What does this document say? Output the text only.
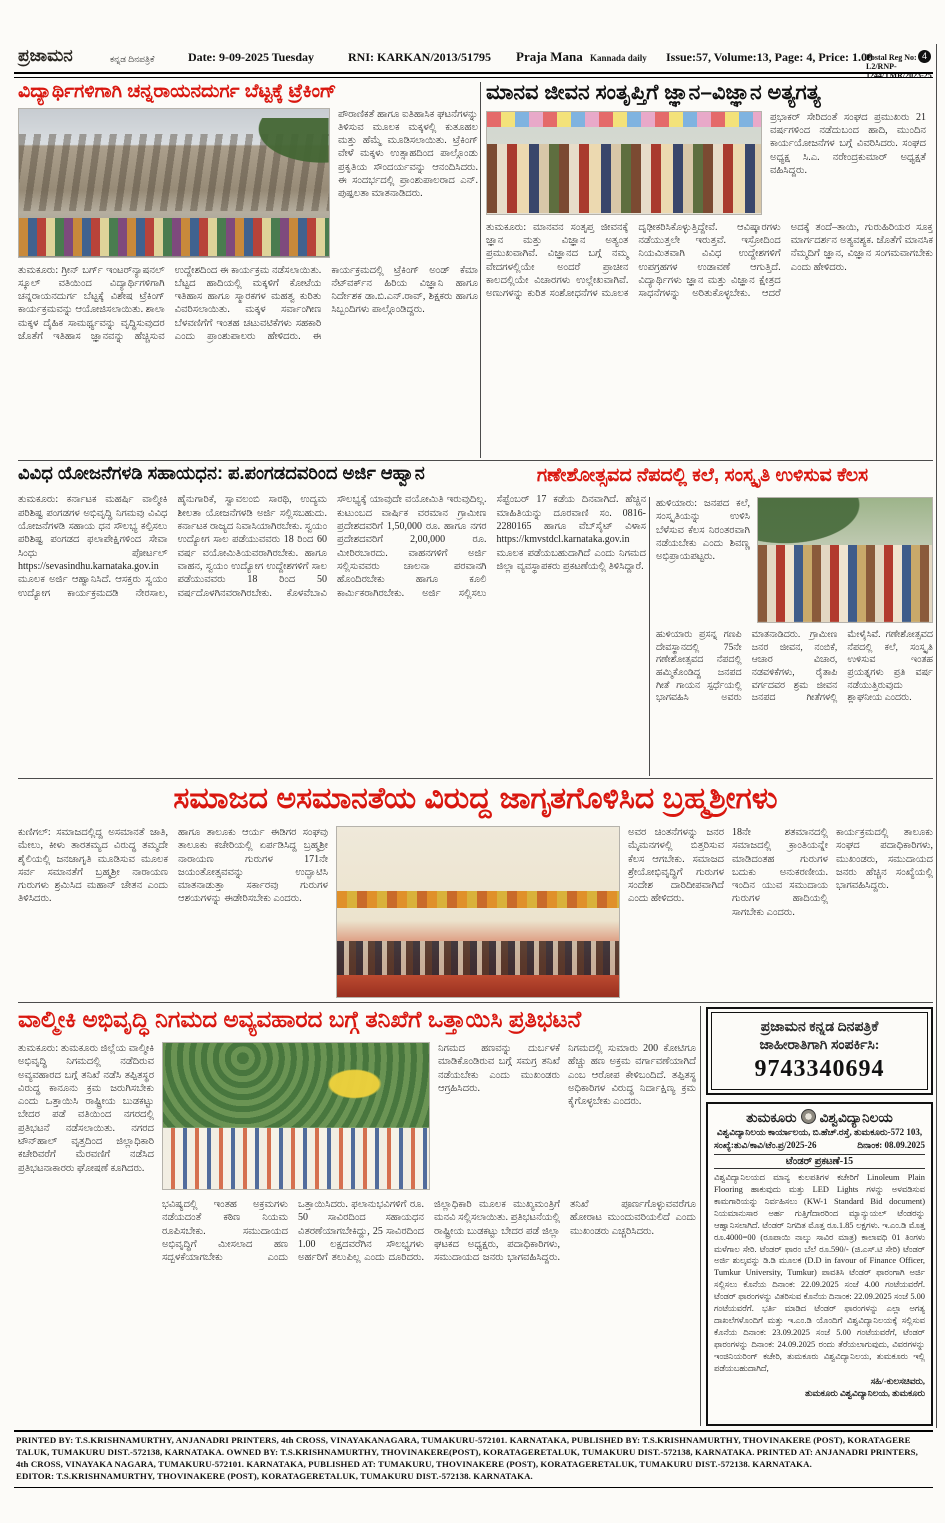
ಪ್ರಜಾಮನ	ಕನ್ನಡ ದಿನಪತ್ರಿಕೆ	Date: 9-09-2025 Tuesday	RNI: KARKAN/2013/51795 Praja Mana Kannada daily Issue:57, Volume:13, Page: 4, Price: 1.00
Postal Reg No: L2/RNP-1244/TMR/2023-25
4
ವಿದ್ಯಾರ್ಥಿಗಳಿಗಾಗಿ ಚನ್ನರಾಯನದುರ್ಗ ಬೆಟ್ಟಕ್ಕೆ ಟ್ರೆಕಿಂಗ್
ಪೌರಾಣಿಕತೆ ಹಾಗೂ ಐತಿಹಾಸಿಕ ಘಟನೆಗಳನ್ನು ತಿಳಿಸುವ ಮೂಲಕ ಮಕ್ಕಳಲ್ಲಿ ಕುತೂಹಲ ಮತ್ತು ಹೆಮ್ಮೆ ಮೂಡಿಸಲಾಯಿತು. ಟ್ರೆಕಿಂಗ್ ವೇಳೆ ಮಕ್ಕಳು ಉತ್ಸಾಹದಿಂದ ಪಾಲ್ಗೊಂಡು ಪ್ರಕೃತಿಯ ಸೌಂದರ್ಯವನ್ನು ಆನಂದಿಸಿದರು. ಈ ಸಂದರ್ಭದಲ್ಲಿ ಪ್ರಾಂಶುಪಾಲರಾದ ಎನ್. ಪುಷ್ಪಲತಾ ಮಾತನಾಡಿದರು.
ತುಮಕೂರು: ಗ್ರೀನ್ ಬರ್ಗ್ ಇಂಟರ್‌ನ್ಯಾಷನಲ್ ಸ್ಕೂಲ್ ವತಿಯಿಂದ ವಿದ್ಯಾರ್ಥಿಗಳಿಗಾಗಿ ಚನ್ನರಾಯನದುರ್ಗ ಬೆಟ್ಟಕ್ಕೆ ವಿಶೇಷ ಟ್ರೆಕಿಂಗ್ ಕಾರ್ಯಕ್ರಮವನ್ನು ಆಯೋಜಿಸಲಾಯಿತು. ಶಾಲಾ ಮಕ್ಕಳ ದೈಹಿಕ ಸಾಮರ್ಥ್ಯವನ್ನು ವೃದ್ಧಿಸುವುದರ ಜೊತೆಗೆ ಇತಿಹಾಸ ಜ್ಞಾನವನ್ನು ಹೆಚ್ಚಿಸುವ ಉದ್ದೇಶದಿಂದ ಈ ಕಾರ್ಯಕ್ರಮ ನಡೆಸಲಾಯಿತು. ಬೆಟ್ಟದ ಹಾದಿಯಲ್ಲಿ ಮಕ್ಕಳಿಗೆ ಕೋಟೆಯ ಇತಿಹಾಸ ಹಾಗೂ ಸ್ಮಾರಕಗಳ ಮಹತ್ವ ಕುರಿತು ವಿವರಿಸಲಾಯಿತು. ಮಕ್ಕಳ ಸರ್ವಾಂಗೀಣ ಬೆಳವಣಿಗೆಗೆ ಇಂತಹ ಚಟುವಟಿಕೆಗಳು ಸಹಕಾರಿ ಎಂದು ಪ್ರಾಂಶುಪಾಲರು ಹೇಳಿದರು. ಈ ಕಾರ್ಯಕ್ರಮದಲ್ಲಿ ಟ್ರೆಕಿಂಗ್ ಅಂಡ್ ಕೆಮಾ ನೆಟ್‌ವರ್ಕ್‌ನ ಹಿರಿಯ ವಿಜ್ಞಾನಿ ಹಾಗೂ ನಿರ್ದೇಶಕ ಡಾ.ಬಿ.ಎನ್.ರಾವ್, ಶಿಕ್ಷಕರು ಹಾಗೂ ಸಿಬ್ಬಂದಿಗಳು ಪಾಲ್ಗೊಂಡಿದ್ದರು.
ಮಾನವ ಜೀವನ ಸಂತೃಪ್ತಿಗೆ ಜ್ಞಾನ–ವಿಜ್ಞಾನ ಅತ್ಯಗತ್ಯ
ಪ್ರಭಾಕರ್ ಸೇರಿದಂತೆ ಸಂಘದ ಪ್ರಮುಖರು 21 ವರ್ಷಗಳಿಂದ ನಡೆದುಬಂದ ಹಾದಿ, ಮುಂದಿನ ಕಾರ್ಯಯೋಜನೆಗಳ ಬಗ್ಗೆ ವಿವರಿಸಿದರು. ಸಂಘದ ಅಧ್ಯಕ್ಷ ಸಿ.ಎ. ನರೇಂದ್ರಕುಮಾರ್ ಅಧ್ಯಕ್ಷತೆ ವಹಿಸಿದ್ದರು.
ತುಮಕೂರು: ಮಾನವನ ಸಂತೃಪ್ತ ಜೀವನಕ್ಕೆ ಜ್ಞಾನ ಮತ್ತು ವಿಜ್ಞಾನ ಅತ್ಯಂತ ಪ್ರಮುಖವಾಗಿವೆ. ವಿಜ್ಞಾನದ ಬಗ್ಗೆ ನಮ್ಮ ವೇದಗಳಲ್ಲಿಯೇ ಅಂದರೆ ಪ್ರಾಚೀನ ಕಾಲದಲ್ಲಿಯೇ ವಿಚಾರಗಳು ಉಲ್ಲೇಖವಾಗಿವೆ. ಅಣುಗಳನ್ನು ಕುರಿತ ಸಂಶೋಧನೆಗಳ ಮೂಲಕ ದೃಢೀಕರಿಸಿಕೊಳ್ಳುತ್ತಿದ್ದೇವೆ. ಆವಿಷ್ಕಾರಗಳು ನಡೆಯುತ್ತಲೇ ಇರುತ್ತವೆ. ಇಸ್ರೋದಿಂದ ನಿಯಮಿತವಾಗಿ ವಿವಿಧ ಉದ್ದೇಶಗಳಿಗೆ ಉಪಗ್ರಹಗಳ ಉಡಾವಣೆ ಆಗುತ್ತಿದೆ. ವಿದ್ಯಾರ್ಥಿಗಳು ಜ್ಞಾನ ಮತ್ತು ವಿಜ್ಞಾನ ಕ್ಷೇತ್ರದ ಸಾಧನೆಗಳನ್ನು ಅರಿತುಕೊಳ್ಳಬೇಕು. ಆದರೆ ಅದಕ್ಕೆ ತಂದೆ–ತಾಯಿ, ಗುರುಹಿರಿಯರ ಸೂಕ್ತ ಮಾರ್ಗದರ್ಶನ ಅತ್ಯವಶ್ಯಕ. ಜೊತೆಗೆ ಮಾನಸಿಕ ನೆಮ್ಮದಿಗೆ ಜ್ಞಾನ, ವಿಜ್ಞಾನ ಸಂಗಮವಾಗಬೇಕು ಎಂದು ಹೇಳಿದರು.
ವಿವಿಧ ಯೋಜನೆಗಳಡಿ ಸಹಾಯಧನ: ಪ.ಪಂಗಡದವರಿಂದ ಅರ್ಜಿ ಆಹ್ವಾನ
ತುಮಕೂರು: ಕರ್ನಾಟಕ ಮಹರ್ಷಿ ವಾಲ್ಮೀಕಿ ಪರಿಶಿಷ್ಟ ಪಂಗಡಗಳ ಅಭಿವೃದ್ಧಿ ನಿಗಮವು ವಿವಿಧ ಯೋಜನೆಗಳಡಿ ಸಹಾಯ ಧನ ಸೌಲಭ್ಯ ಕಲ್ಪಿಸಲು ಪರಿಶಿಷ್ಟ ಪಂಗಡದ ಫಲಾಪೇಕ್ಷಿಗಳಿಂದ ಸೇವಾ ಸಿಂಧು ಪೋರ್ಟಲ್ https://sevasindhu.karnataka.gov.in ಮೂಲಕ ಅರ್ಜಿ ಆಹ್ವಾನಿಸಿದೆ. ಆಸಕ್ತರು ಸ್ವಯಂ ಉದ್ಯೋಗ ಕಾರ್ಯಕ್ರಮದಡಿ ನೇರಸಾಲ, ಹೈನುಗಾರಿಕೆ, ಸ್ವಾವಲಂಬಿ ಸಾರಥಿ, ಉದ್ಯಮ ಶೀಲತಾ ಯೋಜನೆಗಳಡಿ ಅರ್ಜಿ ಸಲ್ಲಿಸಬಹುದು. ಕರ್ನಾಟಕ ರಾಜ್ಯದ ನಿವಾಸಿಯಾಗಿರಬೇಕು. ಸ್ವಯಂ ಉದ್ಯೋಗ ಸಾಲ ಪಡೆಯುವವರು 18 ರಿಂದ 60 ವರ್ಷ ವಯೋಮಿತಿಯವರಾಗಿರಬೇಕು. ಹಾಗೂ ವಾಹನ, ಸ್ವಯಂ ಉದ್ಯೋಗ ಉದ್ದೇಶಗಳಿಗೆ ಸಾಲ ಪಡೆಯುವವರು 18 ರಿಂದ 50 ವರ್ಷದೊಳಗಿನವರಾಗಿರಬೇಕು. ಕೊಳವೆಬಾವಿ ಸೌಲಭ್ಯಕ್ಕೆ ಯಾವುದೇ ವಯೋಮಿತಿ ಇರುವುದಿಲ್ಲ. ಕುಟುಂಬದ ವಾರ್ಷಿಕ ವರಮಾನ ಗ್ರಾಮೀಣ ಪ್ರದೇಶದವರಿಗೆ 1,50,000 ರೂ. ಹಾಗೂ ನಗರ ಪ್ರದೇಶದವರಿಗೆ 2,00,000 ರೂ. ಮೀರಿರಬಾರದು. ವಾಹನಗಳಿಗೆ ಅರ್ಜಿ ಸಲ್ಲಿಸುವವರು ಚಾಲನಾ ಪರವಾನಗಿ ಹೊಂದಿರಬೇಕು ಹಾಗೂ ಕೂಲಿ ಕಾರ್ಮಿಕರಾಗಿರಬೇಕು. ಅರ್ಜಿ ಸಲ್ಲಿಸಲು ಸೆಪ್ಟೆಂಬರ್ 17 ಕಡೆಯ ದಿನವಾಗಿದೆ. ಹೆಚ್ಚಿನ ಮಾಹಿತಿಯನ್ನು ದೂರವಾಣಿ ಸಂ. 0816-2280165 ಹಾಗೂ ವೆಬ್‌ಸೈಟ್ ವಿಳಾಸ https://kmvstdcl.karnataka.gov.in ಮೂಲಕ ಪಡೆಯಬಹುದಾಗಿದೆ ಎಂದು ನಿಗಮದ ಜಿಲ್ಲಾ ವ್ಯವಸ್ಥಾಪಕರು ಪ್ರಕಟಣೆಯಲ್ಲಿ ತಿಳಿಸಿದ್ದಾರೆ.
ಗಣೇಶೋತ್ಸವದ ನೆಪದಲ್ಲಿ ಕಲೆ, ಸಂಸ್ಕೃತಿ ಉಳಿಸುವ ಕೆಲಸ
ಹುಳಿಯಾರು: ಜನಪದ ಕಲೆ, ಸಂಸ್ಕೃತಿಯನ್ನು ಉಳಿಸಿ ಬೆಳೆಸುವ ಕೆಲಸ ನಿರಂತರವಾಗಿ ನಡೆಯಬೇಕು ಎಂದು ಶಿವಣ್ಣ ಅಭಿಪ್ರಾಯಪಟ್ಟರು.
ಹುಳಿಯಾರು ಪ್ರಸನ್ನ ಗಣಪಿ ದೇವಸ್ಥಾನದಲ್ಲಿ 75ನೇ ಗಣೇಶೋತ್ಸವದ ನೆಪದಲ್ಲಿ ಹಮ್ಮಿಕೊಂಡಿದ್ದ ಜನಪದ ಗೀತೆ ಗಾಯನ ಸ್ಪರ್ಧೆಯಲ್ಲಿ ಭಾಗವಹಿಸಿ ಅವರು ಮಾತನಾಡಿದರು. ಗ್ರಾಮೀಣ ಜನರ ಜೀವನ, ನಂಬಿಕೆ, ಆಚಾರ ವಿಚಾರ, ನಡವಳಿಕೆಗಳು, ರೈತಾಪಿ ವರ್ಗದವರ ಶ್ರಮ ಜೀವನ ಜನಪದ ಗೀತೆಗಳಲ್ಲಿ ಮೇಳೈಸಿವೆ. ಗಣೇಶೋತ್ಸವದ ನೆಪದಲ್ಲಿ ಕಲೆ, ಸಂಸ್ಕೃತಿ ಉಳಿಸುವ ಇಂತಹ ಪ್ರಯತ್ನಗಳು ಪ್ರತಿ ವರ್ಷ ನಡೆಯುತ್ತಿರುವುದು ಶ್ಲಾಘನೀಯ ಎಂದರು.
ಸಮಾಜದ ಅಸಮಾನತೆಯ ವಿರುದ್ದ ಜಾಗೃತಗೊಳಿಸಿದ ಬ್ರಹ್ಮಶ್ರೀಗಳು
ಕುಣಿಗಲ್: ಸಮಾಜದಲ್ಲಿದ್ದ ಅಸಮಾನತೆ ಜಾತಿ, ಮೇಲು, ಕೀಳು ತಾರತಮ್ಯದ ವಿರುದ್ಧ ತಮ್ಮದೇ ಶೈಲಿಯಲ್ಲಿ ಜನಜಾಗೃತಿ ಮೂಡಿಸುವ ಮೂಲಕ ಸರ್ವ ಸಮಾನತೆಗೆ ಬ್ರಹ್ಮಶ್ರೀ ನಾರಾಯಣ ಗುರುಗಳು ಶ್ರಮಿಸಿದ ಮಹಾನ್ ಚೇತನ ಎಂದು ತಿಳಿಸಿದರು.
ಹಾಗೂ ತಾಲೂಕು ಆರ್ಯ ಈಡಿಗರ ಸಂಘವು ತಾಲೂಕು ಕಚೇರಿಯಲ್ಲಿ ಏರ್ಪಡಿಸಿದ್ದ ಬ್ರಹ್ಮಶ್ರೀ ನಾರಾಯಣ ಗುರುಗಳ 171ನೇ ಜಯಂತೋತ್ಸವವನ್ನು ಉದ್ಘಾಟಿಸಿ ಮಾತನಾಡುತ್ತಾ ಸರ್ಕಾರವು ಗುರುಗಳ ಆಶಯಗಳನ್ನು ಈಡೇರಿಸಬೇಕು ಎಂದರು.
ಅವರ ಚಿಂತನೆಗಳನ್ನು ಜನರ ಮೈಮನಗಳಲ್ಲಿ ಬಿತ್ತರಿಸುವ ಕೆಲಸ ಆಗಬೇಕು. ಸಮಾಜದ ಶ್ರೇಯೋಭಿವೃದ್ಧಿಗೆ ಗುರುಗಳ ಸಂದೇಶ ದಾರಿದೀಪವಾಗಿದೆ ಎಂದು ಹೇಳಿದರು.
18ನೇ ಶತಮಾನದಲ್ಲಿ ಸಮಾಜದಲ್ಲಿ ಕ್ರಾಂತಿಯನ್ನೇ ಮಾಡಿದಂತಹ ಗುರುಗಳ ಬದುಕು ಅನುಕರಣೀಯ. ಇಂದಿನ ಯುವ ಸಮುದಾಯ ಗುರುಗಳ ಹಾದಿಯಲ್ಲಿ ಸಾಗಬೇಕು ಎಂದರು.
ಕಾರ್ಯಕ್ರಮದಲ್ಲಿ ತಾಲೂಕು ಸಂಘದ ಪದಾಧಿಕಾರಿಗಳು, ಮುಖಂಡರು, ಸಮುದಾಯದ ಜನರು ಹೆಚ್ಚಿನ ಸಂಖ್ಯೆಯಲ್ಲಿ ಭಾಗವಹಿಸಿದ್ದರು.
ವಾಲ್ಮೀಕಿ ಅಭಿವೃದ್ಧಿ ನಿಗಮದ ಅವ್ಯವಹಾರದ ಬಗ್ಗೆ ತನಿಖೆಗೆ ಒತ್ತಾಯಿಸಿ ಪ್ರತಿಭಟನೆ
ತುಮಕೂರು: ತುಮಕೂರು ಜಿಲ್ಲೆಯ ವಾಲ್ಮೀಕಿ ಅಭಿವೃದ್ಧಿ ನಿಗಮದಲ್ಲಿ ನಡೆದಿರುವ ಅವ್ಯವಹಾರದ ಬಗ್ಗೆ ತನಿಖೆ ನಡೆಸಿ ತಪ್ಪಿತಸ್ಥರ ವಿರುದ್ಧ ಕಾನೂನು ಕ್ರಮ ಜರುಗಿಸಬೇಕು ಎಂದು ಒತ್ತಾಯಿಸಿ ರಾಷ್ಟ್ರೀಯ ಬುಡಕಟ್ಟು ಬೇದರ ಪಡೆ ವತಿಯಿಂದ ನಗರದಲ್ಲಿ ಪ್ರತಿಭಟನೆ ನಡೆಸಲಾಯಿತು. ನಗರದ ಟೌನ್‌ಹಾಲ್ ವೃತ್ತದಿಂದ ಜಿಲ್ಲಾಧಿಕಾರಿ ಕಚೇರಿವರೆಗೆ ಮೆರವಣಿಗೆ ನಡೆಸಿದ ಪ್ರತಿಭಟನಾಕಾರರು ಘೋಷಣೆ ಕೂಗಿದರು.
ನಿಗಮದ ಹಣವನ್ನು ದುರ್ಬಳಕೆ ಮಾಡಿಕೊಂಡಿರುವ ಬಗ್ಗೆ ಸಮಗ್ರ ತನಿಖೆ ನಡೆಯಬೇಕು ಎಂದು ಮುಖಂಡರು ಆಗ್ರಹಿಸಿದರು.
ನಿಗಮದಲ್ಲಿ ಸುಮಾರು 200 ಕೋಟಿಗೂ ಹೆಚ್ಚು ಹಣ ಅಕ್ರಮ ವರ್ಗಾವಣೆಯಾಗಿದೆ ಎಂಬ ಆರೋಪ ಕೇಳಿಬಂದಿದೆ. ತಪ್ಪಿತಸ್ಥ ಅಧಿಕಾರಿಗಳ ವಿರುದ್ಧ ನಿರ್ದಾಕ್ಷಿಣ್ಯ ಕ್ರಮ ಕೈಗೊಳ್ಳಬೇಕು ಎಂದರು.
ಭವಿಷ್ಯದಲ್ಲಿ ಇಂತಹ ಅಕ್ರಮಗಳು ನಡೆಯದಂತೆ ಕಠಿಣ ನಿಯಮ ರೂಪಿಸಬೇಕು. ಸಮುದಾಯದ ಅಭಿವೃದ್ಧಿಗೆ ಮೀಸಲಾದ ಹಣ ಸದ್ಬಳಕೆಯಾಗಬೇಕು ಎಂದು ಒತ್ತಾಯಿಸಿದರು. ಫಲಾನುಭವಿಗಳಿಗೆ ರೂ. 50 ಸಾವಿರದಿಂದ ಸಹಾಯಧನ ವಿತರಣೆಯಾಗಬೇಕಿದ್ದು, 25 ಸಾವಿರದಿಂದ 1.00 ಲಕ್ಷದವರೆಗಿನ ಸೌಲಭ್ಯಗಳು ಅರ್ಹರಿಗೆ ತಲುಪಿಲ್ಲ ಎಂದು ದೂರಿದರು. ಜಿಲ್ಲಾಧಿಕಾರಿ ಮೂಲಕ ಮುಖ್ಯಮಂತ್ರಿಗೆ ಮನವಿ ಸಲ್ಲಿಸಲಾಯಿತು. ಪ್ರತಿಭಟನೆಯಲ್ಲಿ ರಾಷ್ಟ್ರೀಯ ಬುಡಕಟ್ಟು ಬೇದರ ಪಡೆ ಜಿಲ್ಲಾ ಘಟಕದ ಅಧ್ಯಕ್ಷರು, ಪದಾಧಿಕಾರಿಗಳು, ಸಮುದಾಯದ ಜನರು ಭಾಗವಹಿಸಿದ್ದರು. ತನಿಖೆ ಪೂರ್ಣಗೊಳ್ಳುವವರೆಗೂ ಹೋರಾಟ ಮುಂದುವರಿಯಲಿದೆ ಎಂದು ಮುಖಂಡರು ಎಚ್ಚರಿಸಿದರು.
ಪ್ರಜಾಮನ ಕನ್ನಡ ದಿನಪತ್ರಿಕೆ
ಜಾಹೀರಾತಿಗಾಗಿ ಸಂಪರ್ಕಿಸಿ:
9743340694
ತುಮಕೂರು ವಿಶ್ವವಿದ್ಯಾನಿಲಯ
ವಿಶ್ವವಿದ್ಯಾನಿಲಯ ಕಾರ್ಯಾಲಯ, ಬಿ.ಹೆಚ್.ರಸ್ತೆ, ತುಮಕೂರು-572 103,
ಸಂಖ್ಯೆ:ತುವಿ/ಕಾವಿ/ಟೆಂ.ಪ್ರ/2025-26	ದಿನಾಂಕ: 08.09.2025
ಟೆಂಡರ್ ಪ್ರಕಟಣೆ-15
ವಿಶ್ವವಿದ್ಯಾನಿಲಯದ ಮಾನ್ಯ ಕುಲಪತಿಗಳ ಕಚೇರಿಗೆ Linoleum Plain Flooring ಹಾಕುವುದು ಮತ್ತು LED Lights ಗಳನ್ನು ಅಳವಡಿಸುವ ಕಾಮಗಾರಿಯನ್ನು ನಿರ್ವಹಿಸಲು (KW-1 Standard Bid document) ನಿಯಮಾನುಸಾರ ಅರ್ಹ ಗುತ್ತಿಗೆದಾರರಿಂದ ಮ್ಯಾನ್ಯುಯಲ್ ಟೆಂಡರನ್ನು ಆಹ್ವಾನಿಸಲಾಗಿದೆ. ಟೆಂಡರ್ ನಿಗದಿತ ಮೊತ್ತ ರೂ.1.85 ಲಕ್ಷಗಳು. ಇ.ಎಂ.ಡಿ ಮೊತ್ತ ರೂ.4000=00 (ರೂಪಾಯಿ ನಾಲ್ಕು ಸಾವಿರ ಮಾತ್ರ) ಕಾಲಾವಧಿ 01 ತಿಂಗಳು ಮಳೆಗಾಲ ಸೇರಿ. ಟೆಂಡರ್ ಫಾರಂ ಬೆಲೆ ರೂ.590/- (ಜಿ.ಎಸ್.ಟಿ ಸೇರಿ) ಟೆಂಡರ್ ಅರ್ಜಿ ಶುಲ್ಕವನ್ನು ಡಿ.ಡಿ ಮೂಲಕ (D.D in favour of Finance Officer, Tumkur University, Tumkur) ಪಾವತಿಸಿ ಟೆಂಡರ್ ಫಾರಂಗಾಗಿ ಅರ್ಜಿ ಸಲ್ಲಿಸಲು ಕೊನೆಯ ದಿನಾಂಕ: 22.09.2025 ಸಂಜೆ 4.00 ಗಂಟೆಯವರೆಗೆ. ಟೆಂಡರ್ ಫಾರಂಗಳನ್ನು ವಿತರಿಸುವ ಕೊನೆಯ ದಿನಾಂಕ: 22.09.2025 ಸಂಜೆ 5.00 ಗಂಟೆಯವರೆಗೆ. ಭರ್ತಿ ಮಾಡಿದ ಟೆಂಡರ್ ಫಾರಂಗಳನ್ನು ಎಲ್ಲಾ ಅಗತ್ಯ ದಾಖಲೆಗಳೊಂದಿಗೆ ಮತ್ತು ಇ.ಎಂ.ಡಿ ಯೊಂದಿಗೆ ವಿಶ್ವವಿದ್ಯಾನಿಲಯಕ್ಕೆ ಸಲ್ಲಿಸುವ ಕೊನೆಯ ದಿನಾಂಕ: 23.09.2025 ಸಂಜೆ 5.00 ಗಂಟೆಯವರೆಗೆ, ಟೆಂಡರ್ ಫಾರಂಗಳನ್ನು ದಿನಾಂಕ: 24.09.2025 ರಂದು ತೆರೆಯಲಾಗುವುದು, ವಿವರಗಳನ್ನು ಇಂಜಿನಿಯರಿಂಗ್ ಕಚೇರಿ, ತುಮಕೂರು ವಿಶ್ವವಿದ್ಯಾನಿಲಯ, ತುಮಕೂರು ಇಲ್ಲಿ ಪಡೆಯಬಹುದಾಗಿದೆ,
ಸಹಿ/-ಕುಲಸಚಿವರು,
ತುಮಕೂರು ವಿಶ್ವವಿದ್ಯಾನಿಲಯ, ತುಮಕೂರು
PRINTED BY: T.S.KRISHNAMURTHY, ANJANADRI PRINTERS, 4th CROSS, VINAYAKANAGARA, TUMAKURU-572101. KARNATAKA, PUBLISHED BY: T.S.KRISHNAMURTHY, THOVINAKERE (POST), KORATAGERE
TALUK, TUMAKURU DIST.-572138, KARNATAKA. OWNED BY: T.S.KRISHNAMURTHY, THOVINAKERE(POST), KORATAGERETALUK, TUMAKURU DIST.-572138, KARNATAKA. PRINTED AT: ANJANADRI PRINTERS,
4th CROSS, VINAYAKA NAGARA, TUMAKURU-572101. KARNATAKA, PUBLISHED AT: TUMAKURU, THOVINAKERE (POST), KORATAGERETALUK, TUMAKURU DIST.-572138. KARNATAKA.
EDITOR: T.S.KRISHNAMURTHY, THOVINAKERE (POST), KORATAGERETALUK, TUMAKURU DIST.-572138. KARNATAKA.
